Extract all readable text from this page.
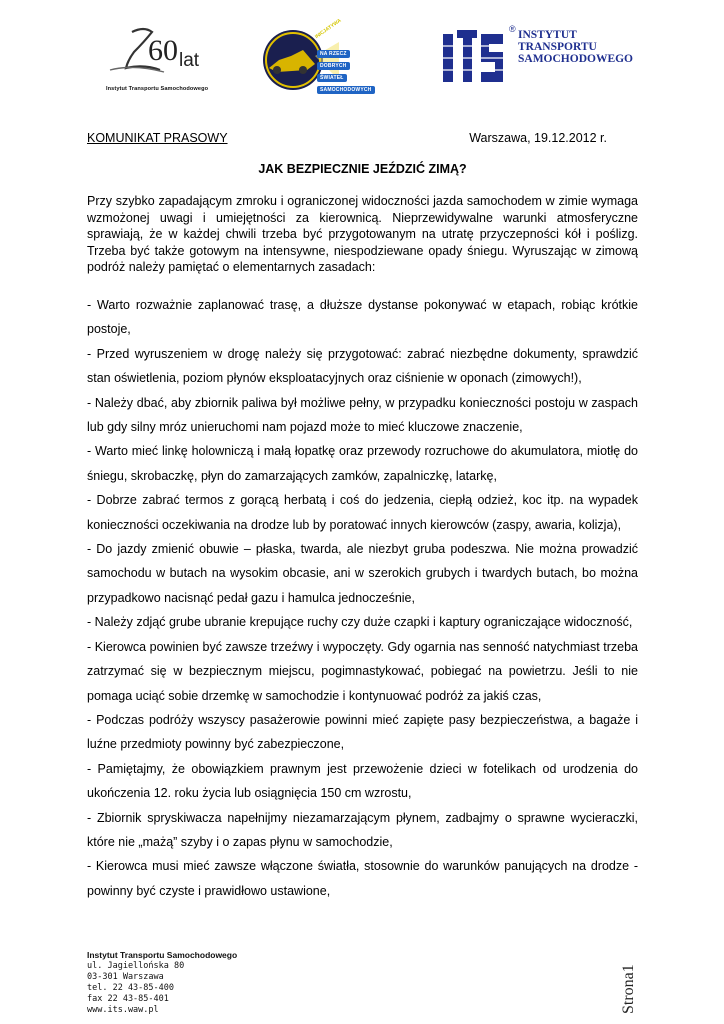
60 lat
Instytut Transportu Samochodowego
INICJATYWA
NA RZECZ
DOBRYCH
ŚWIATEŁ
SAMOCHODOWYCH
® INSTYTUT
TRANSPORTU
SAMOCHODOWEGO
KOMUNIKAT PRASOWY	Warszawa, 19.12.2012 r.
JAK BEZPIECZNIE JEŹDZIĆ ZIMĄ?
Przy szybko zapadającym zmroku i ograniczonej widoczności jazda samochodem w zimie wymaga wzmożonej uwagi i umiejętności za kierownicą. Nieprzewidywalne warunki atmosferyczne sprawiają, że w każdej chwili trzeba być przygotowanym na utratę przyczepności kół i poślizg. Trzeba być także gotowym na intensywne, niespodziewane opady śniegu. Wyruszając w zimową podróż należy pamiętać o elementarnych zasadach:
- Warto rozważnie zaplanować trasę, a dłuższe dystanse pokonywać w etapach, robiąc krótkie postoje,
- Przed wyruszeniem w drogę należy się przygotować: zabrać niezbędne dokumenty, sprawdzić stan oświetlenia, poziom płynów eksploatacyjnych oraz ciśnienie w oponach (zimowych!),
- Należy dbać, aby zbiornik paliwa był możliwe pełny, w przypadku konieczności postoju w zaspach lub gdy silny mróz unieruchomi nam pojazd może to mieć kluczowe znaczenie,
- Warto mieć linkę holowniczą i małą łopatkę oraz przewody rozruchowe do akumulatora, miotłę do śniegu, skrobaczkę, płyn do zamarzających zamków, zapalniczkę, latarkę,
- Dobrze zabrać termos z gorącą herbatą i coś do jedzenia, ciepłą odzież, koc itp. na wypadek konieczności oczekiwania na drodze lub by poratować innych kierowców (zaspy, awaria, kolizja),
- Do jazdy zmienić obuwie – płaska, twarda, ale niezbyt gruba podeszwa. Nie można prowadzić samochodu w butach na wysokim obcasie, ani w szerokich grubych i twardych butach, bo można przypadkowo nacisnąć pedał gazu i hamulca jednocześnie,
- Należy zdjąć grube ubranie krepujące ruchy czy duże czapki i kaptury ograniczające widoczność,
- Kierowca powinien być zawsze trzeźwy i wypoczęty. Gdy ogarnia nas senność natychmiast trzeba zatrzymać się w bezpiecznym miejscu, pogimnastykować, pobiegać na powietrzu. Jeśli to nie pomaga uciąć sobie drzemkę w samochodzie i kontynuować podróż za jakiś czas,
- Podczas podróży wszyscy pasażerowie powinni mieć zapięte pasy bezpieczeństwa, a bagaże i luźne przedmioty powinny być zabezpieczone,
- Pamiętajmy, że obowiązkiem prawnym jest przewożenie dzieci w fotelikach od urodzenia do ukończenia 12. roku życia lub osiągnięcia 150 cm wzrostu,
- Zbiornik spryskiwacza napełnijmy niezamarzającym płynem, zadbajmy o sprawne wycieraczki, które nie „mażą” szyby i o zapas płynu w samochodzie,
- Kierowca musi mieć zawsze włączone światła, stosownie do warunków panujących na drodze - powinny być czyste i prawidłowo ustawione,
Instytut Transportu Samochodowego
ul. Jagiellońska 80
03-301 Warszawa
tel. 22 43-85-400
fax 22 43-85-401
www.its.waw.pl	Strona1
